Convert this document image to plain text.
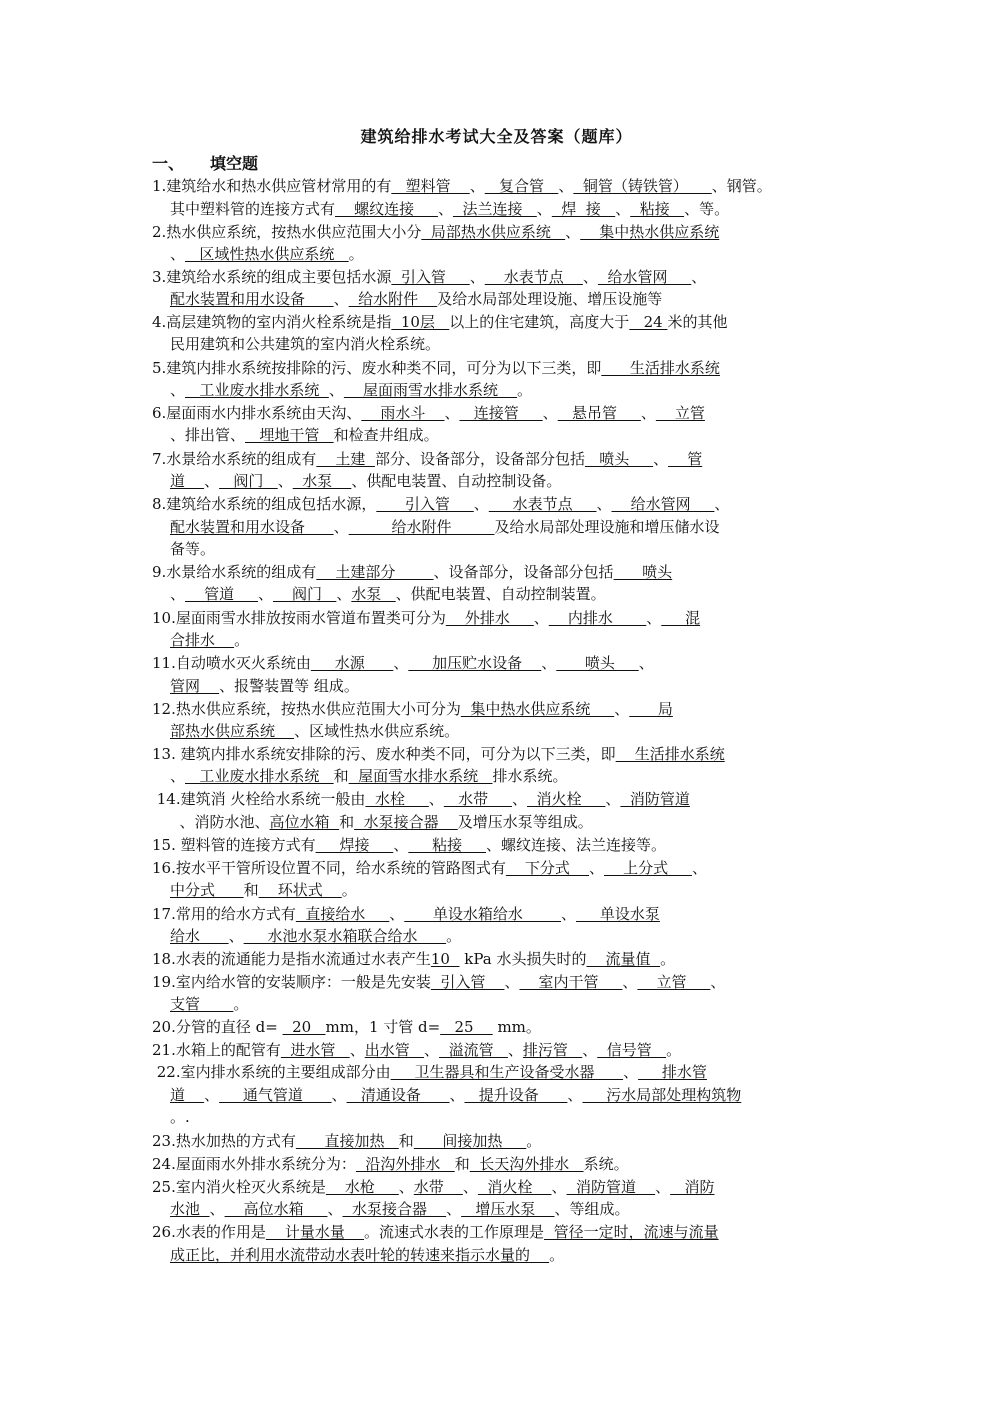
建筑给排水考试大全及答案（题库）
一、 填空题
1.建筑给水和热水供应管材常用的有   塑料管    、   复合管   、  铜管（铸铁管）     、钢管。
其中塑料管的连接方式有    螺纹连接     、  法兰连接   、  焊  接   、  粘接   、等。
2.热水供应系统，按热水供应范围大小分  局部热水供应系统   、    集中热水供应系统
、   区域性热水供应系统   。
3.建筑给水系统的组成主要包括水源  引入管     、    水表节点    、  给水管网     、
配水装置和用水设备      、  给水附件    及给水局部处理设施、增压设施等
4.高层建筑物的室内消火栓系统是指  10层   以上的住宅建筑，高度大于   24 米的其他
民用建筑和公共建筑的室内消火栓系统。
5.建筑内排水系统按排除的污、废水种类不同，可分为以下三类，即      生活排水系统
、   工业废水排水系统  、    屋面雨雪水排水系统    。
6.屋面雨水内排水系统由天沟、    雨水斗    、   连接管     、   悬吊管     、    立管
、排出管、   埋地干管   和检查井组成。
7.水景给水系统的组成有    土建  部分、设备部分，设备部分包括   喷头     、    管
道    、   阀门   、  水泵    、供配电装置、自动控制设备。
8.建筑给水系统的组成包括水源，      引入管     、     水表节点     、    给水管网     、
配水装置和用水设备      、         给水附件         及给水局部处理设施和增压储水设
备等。
9.水景给水系统的组成有    土建部分        、设备部分，设备部分包括      喷头
、    管道     、    阀门   、水泵   、供配电装置、自动控制装置。
10.屋面雨雪水排放按雨水管道布置类可分为    外排水     、    内排水       、     混
合排水    。
11.自动喷水灭火系统由     水源      、     加压贮水设备    、      喷头     、
管网    、报警装置等 组成。
12.热水供应系统，按热水供应范围大小可分为  集中热水供应系统     、      局
部热水供应系统    、区域性热水供应系统。
13. 建筑内排水系统安排除的污、废水种类不同，可分为以下三类，即    生活排水系统
、   工业废水排水系统   和  屋面雪水排水系统   排水系统。
14.建筑消 火栓给水系统一般由  水栓     、   水带     、  消火栓     、  消防管道
、消防水池、高位水箱  和  水泵接合器    及增压水泵等组成。
15. 塑料管的连接方式有     焊接     、     粘接     、螺纹连接、法兰连接等。
16.按水平干管所设位置不同，给水系统的管路图式有    下分式    、    上分式     、
中分式      和    环状式    。
17.常用的给水方式有  直接给水     、      单设水箱给水        、     单设水泵
给水      、     水池水泵水箱联合给水      。
18.水表的流通能力是指水流通过水表产生10   kPa 水头损失时的    流量值  。
19.室内给水管的安装顺序：一般是先安装  引入管    、    室内干管     、    立管     、
支管       。
20.分管的直径 d=   20   mm，1 寸管 d=   25     mm。
21.水箱上的配管有  进水管   、出水管   、  溢流管   、排污管   、  信号管   。
22.室内排水系统的主要组成部分由     卫生器具和生产设备受水器      、     排水管
道    、     通气管道      、   清通设备      、   提升设备      、     污水局部处理构筑物
。.
23.热水加热的方式有      直接加热   和      间接加热     。
24.屋面雨水外排水系统分为：  沿沟外排水   和  长天沟外排水   系统。
25.室内消火栓灭火系统是    水枪     、水带    、  消火栓    、  消防管道    、   消防
水池  、    高位水箱     、  水泵接合器    、   增压水泵    、等组成。
26.水表的作用是    计量水量    。流速式水表的工作原理是  管径一定时，流速与流量
成正比，并利用水流带动水表叶轮的转速来指示水量的    。
